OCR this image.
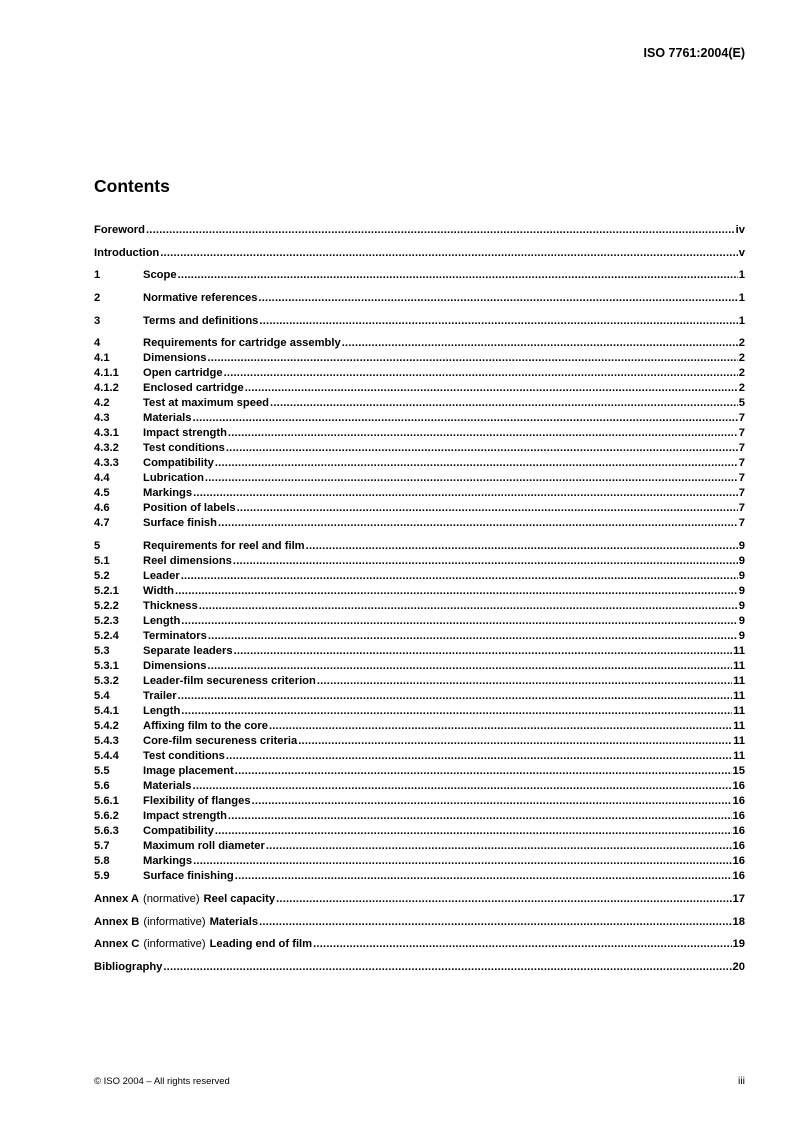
ISO 7761:2004(E)
Contents
Foreword .....	iv
Introduction .....	v
1	Scope .....	1
2	Normative references .....	1
3	Terms and definitions .....	1
4	Requirements for cartridge assembly .....	2
4.1	Dimensions .....	2
4.1.1	Open cartridge .....	2
4.1.2	Enclosed cartridge .....	2
4.2	Test at maximum speed .....	5
4.3	Materials .....	7
4.3.1	Impact strength .....	7
4.3.2	Test conditions .....	7
4.3.3	Compatibility .....	7
4.4	Lubrication .....	7
4.5	Markings .....	7
4.6	Position of labels .....	7
4.7	Surface finish .....	7
5	Requirements for reel and film .....	9
5.1	Reel dimensions .....	9
5.2	Leader .....	9
5.2.1	Width .....	9
5.2.2	Thickness .....	9
5.2.3	Length .....	9
5.2.4	Terminators .....	9
5.3	Separate leaders .....	11
5.3.1	Dimensions .....	11
5.3.2	Leader-film secureness criterion .....	11
5.4	Trailer .....	11
5.4.1	Length .....	11
5.4.2	Affixing film to the core .....	11
5.4.3	Core-film secureness criteria .....	11
5.4.4	Test conditions .....	11
5.5	Image placement .....	15
5.6	Materials .....	16
5.6.1	Flexibility of flanges .....	16
5.6.2	Impact strength .....	16
5.6.3	Compatibility .....	16
5.7	Maximum roll diameter .....	16
5.8	Markings .....	16
5.9	Surface finishing .....	16
Annex A (normative) Reel capacity .....	17
Annex B (informative) Materials .....	18
Annex C (informative) Leading end of film .....	19
Bibliography .....	20
© ISO 2004 – All rights reserved	iii
